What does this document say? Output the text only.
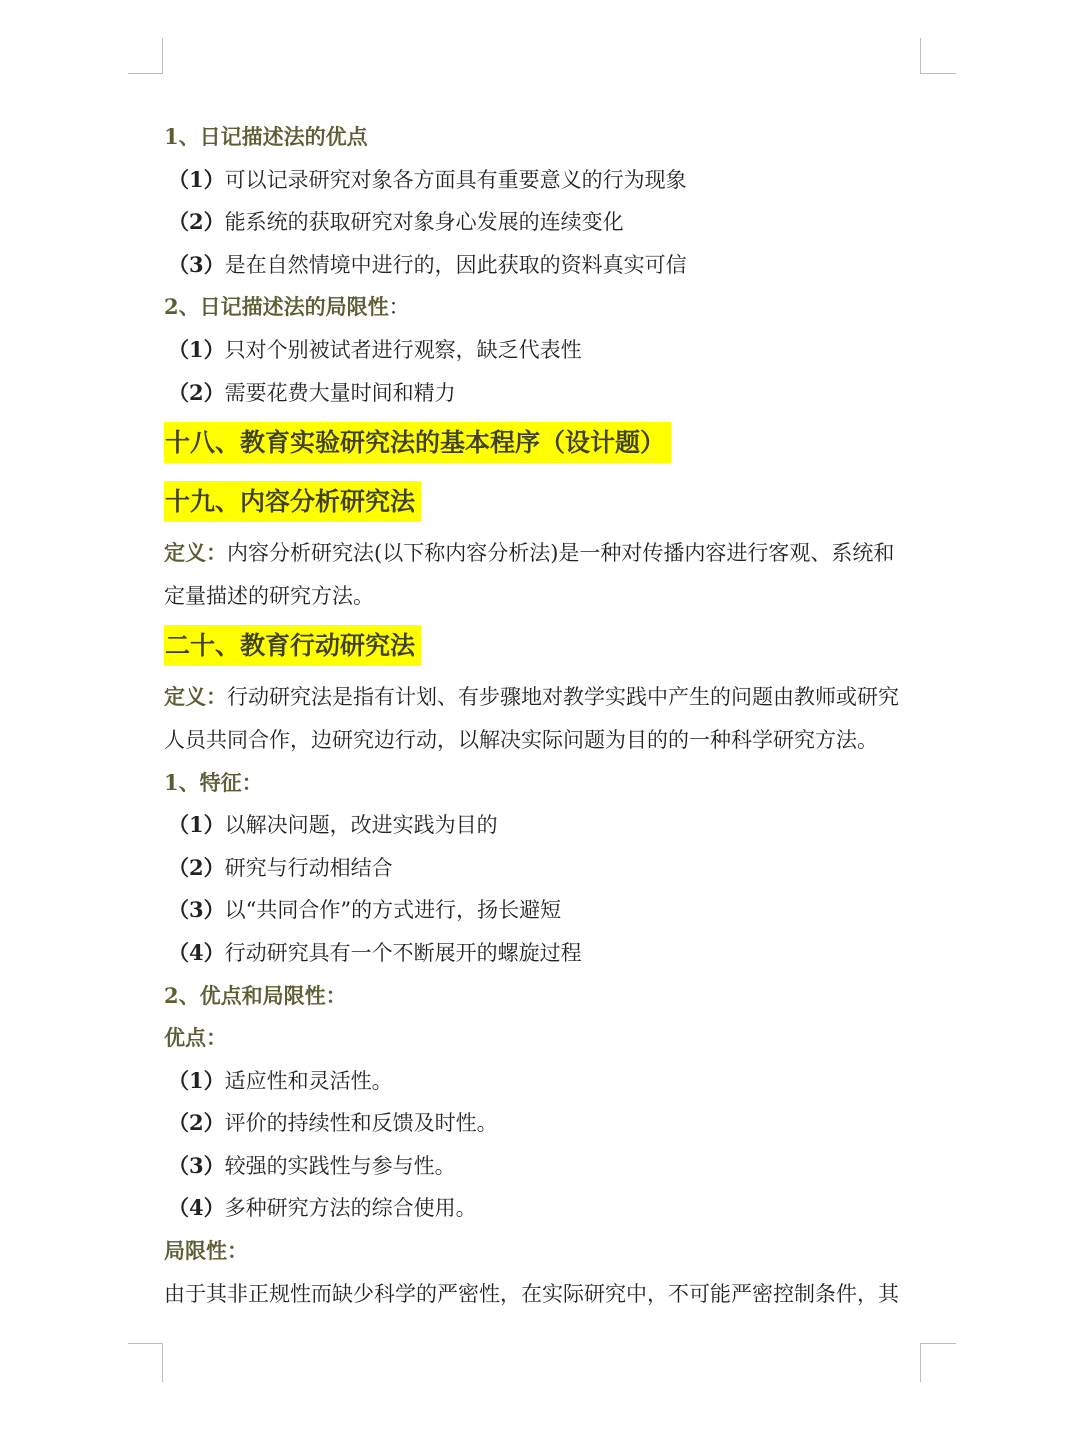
1、日记描述法的优点
（1）可以记录研究对象各方面具有重要意义的行为现象
（2）能系统的获取研究对象身心发展的连续变化
（3）是在自然情境中进行的，因此获取的资料真实可信
2、日记描述法的局限性：
（1）只对个别被试者进行观察，缺乏代表性
（2）需要花费大量时间和精力
十八、教育实验研究法的基本程序（设计题）
十九、内容分析研究法
定义：内容分析研究法(以下称内容分析法)是一种对传播内容进行客观、系统和
定量描述的研究方法。
二十、教育行动研究法
定义：行动研究法是指有计划、有步骤地对教学实践中产生的问题由教师或研究
人员共同合作，边研究边行动，以解决实际问题为目的的一种科学研究方法。
1、特征：
（1）以解决问题，改进实践为目的
（2）研究与行动相结合
（3）以“共同合作”的方式进行，扬长避短
（4）行动研究具有一个不断展开的螺旋过程
2、优点和局限性：
优点：
（1）适应性和灵活性。
（2）评价的持续性和反馈及时性。
（3）较强的实践性与参与性。
（4）多种研究方法的综合使用。
局限性：
由于其非正规性而缺少科学的严密性，在实际研究中，不可能严密控制条件，其
